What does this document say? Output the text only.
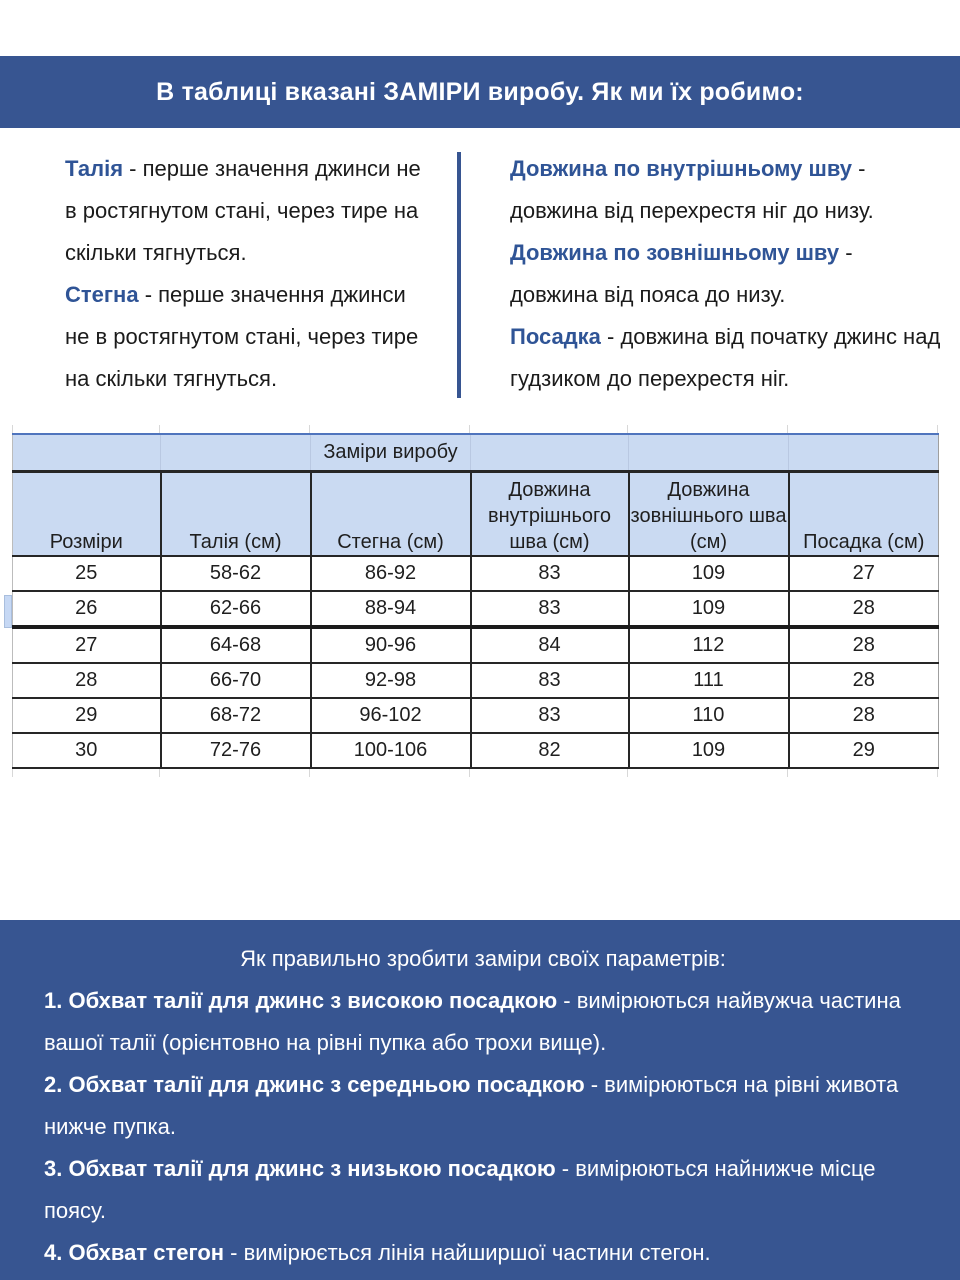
В таблиці вказані ЗАМІРИ виробу. Як ми їх робимо:

Талія - перше значення джинси не в ростягнутом стані, через тире на скільки тягнуться.

Стегна - перше значення джинси не в ростягнутом стані, через тире на скільки тягнуться.

Довжина по внутрішньому шву - довжина від перехрестя ніг до низу.

Довжина по зовнішньому шву - довжина від пояса до низу.

Посадка - довжина від початку джинс над гудзиком до перехрестя ніг.

		Заміри виробу			
Розміри	Талія (см)	Стегна (см)	Довжина внутрішнього шва (см)	Довжина зовнішнього шва (см)	Посадка (см)
25	58-62	86-92	83	109	27
26	62-66	88-94	83	109	28
27	64-68	90-96	84	112	28
28	66-70	92-98	83	111	28
29	68-72	96-102	83	110	28
30	72-76	100-106	82	109	29

Як правильно зробити заміри своїх параметрів:

1. Обхват талії для джинс з високою посадкою - вимірюються найвужча частина вашої талії (орієнтовно на рівні пупка або трохи вище).

2. Обхват талії для джинс з середньою посадкою - вимірюються на рівні живота нижче пупка.

3. Обхват талії для джинс з низькою посадкою - вимірюються найнижче місце поясу.

4. Обхват стегон - вимірюється лінія найширшої частини стегон.
